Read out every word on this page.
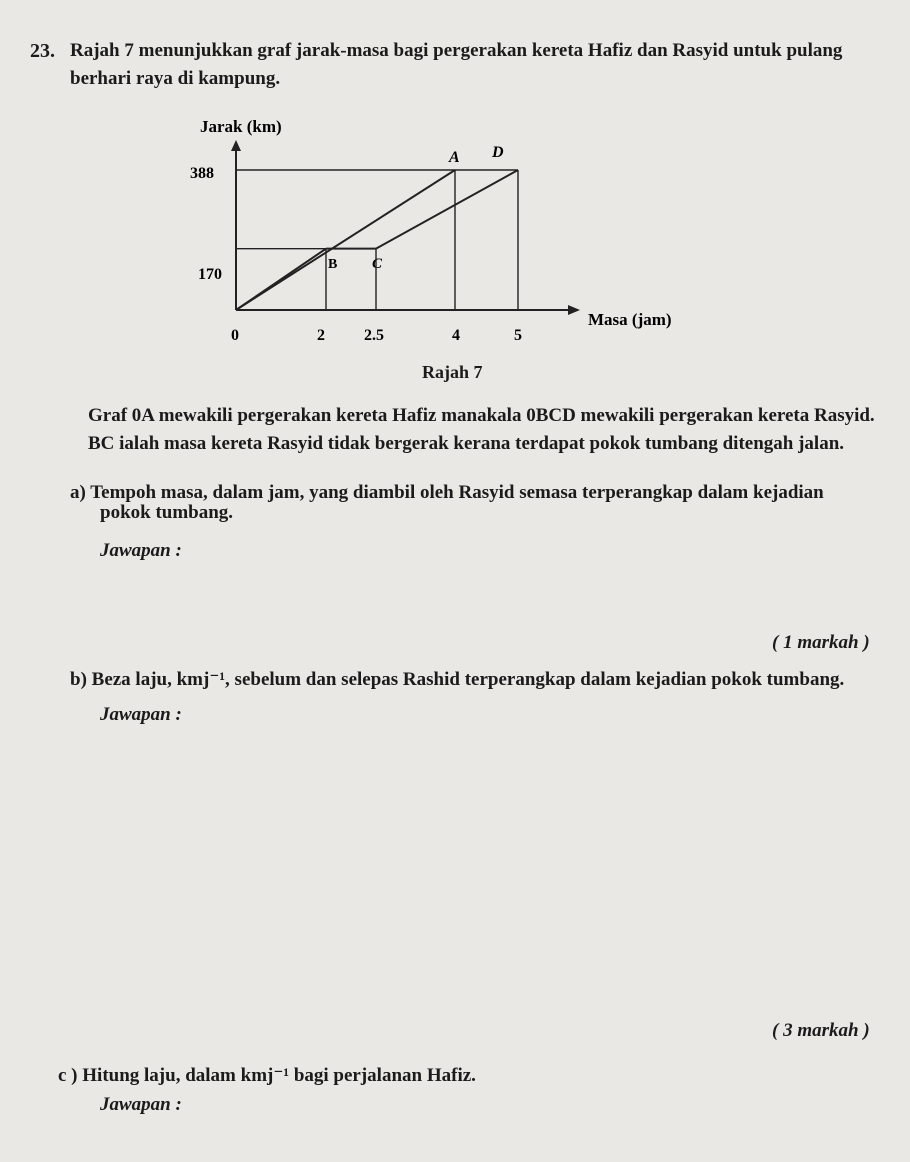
23. Rajah 7 menunjukkan graf jarak-masa bagi pergerakan kereta Hafiz dan Rasyid untuk pulang
berhari raya di kampung.
Jarak (km)
Masa (jam)
388
170
0	2 2.5	4	5
A D
B C
Rajah 7
Graf 0A mewakili pergerakan kereta Hafiz manakala 0BCD mewakili pergerakan kereta Rasyid.
BC ialah masa kereta Rasyid tidak bergerak kerana terdapat pokok tumbang ditengah jalan.
a) Tempoh masa, dalam jam, yang diambil oleh Rasyid semasa terperangkap dalam kejadian
pokok tumbang.
Jawapan :
( 1 markah )
b) Beza laju, kmj⁻¹, sebelum dan selepas Rashid terperangkap dalam kejadian pokok tumbang.
Jawapan :
( 3 markah )
c ) Hitung laju, dalam kmj⁻¹ bagi perjalanan Hafiz.
Jawapan :
